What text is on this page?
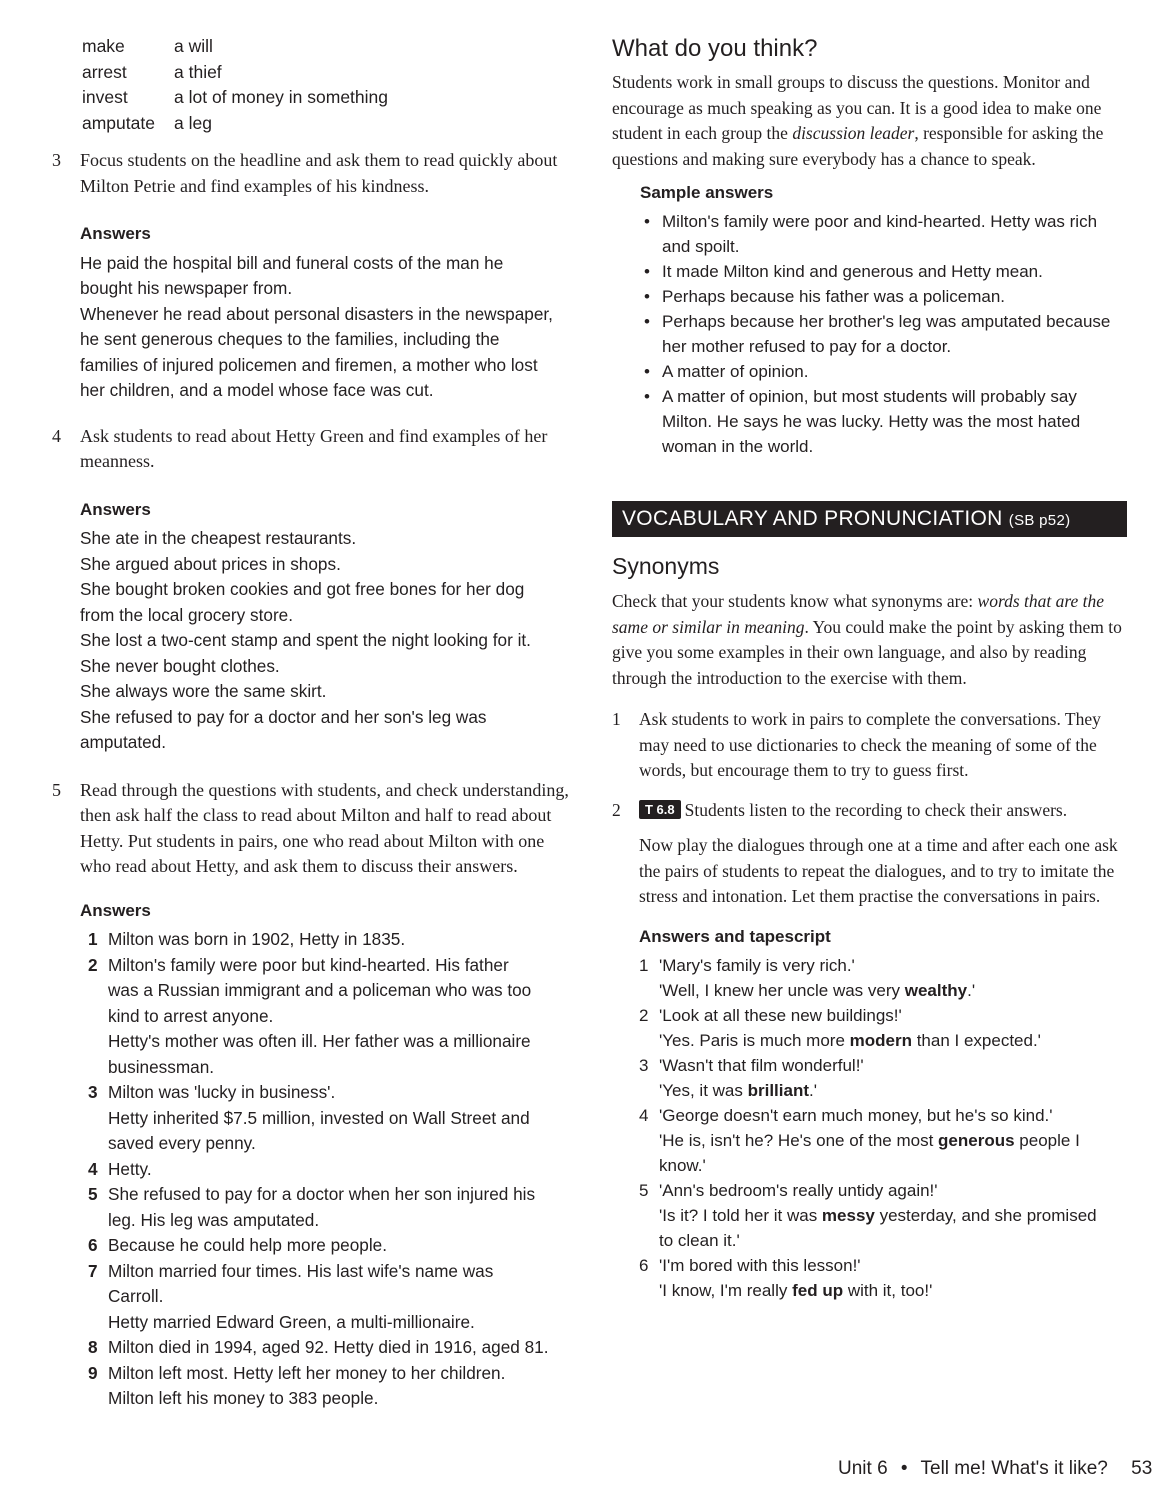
make	a will
arrest	a thief
invest	a lot of money in something
amputate	a leg
3 Focus students on the headline and ask them to read quickly about Milton Petrie and find examples of his kindness.
Answers
He paid the hospital bill and funeral costs of the man he
bought his newspaper from.
Whenever he read about personal disasters in the newspaper,
he sent generous cheques to the families, including the
families of injured policemen and firemen, a mother who lost
her children, and a model whose face was cut.
4 Ask students to read about Hetty Green and find examples of her meanness.
Answers
She ate in the cheapest restaurants.
She argued about prices in shops.
She bought broken cookies and got free bones for her dog
from the local grocery store.
She lost a two-cent stamp and spent the night looking for it.
She never bought clothes.
She always wore the same skirt.
She refused to pay for a doctor and her son's leg was
amputated.
5 Read through the questions with students, and check understanding, then ask half the class to read about Milton and half to read about Hetty. Put students in pairs, one who read about Milton with one who read about Hetty, and ask them to discuss their answers.
Answers
1 Milton was born in 1902, Hetty in 1835.
2 Milton's family were poor but kind-hearted. His father
was a Russian immigrant and a policeman who was too
kind to arrest anyone.
Hetty's mother was often ill. Her father was a millionaire
businessman.
3 Milton was 'lucky in business'.
Hetty inherited $7.5 million, invested on Wall Street and
saved every penny.
4 Hetty.
5 She refused to pay for a doctor when her son injured his
leg. His leg was amputated.
6 Because he could help more people.
7 Milton married four times. His last wife's name was
Carroll.
Hetty married Edward Green, a multi-millionaire.
8 Milton died in 1994, aged 92. Hetty died in 1916, aged 81.
9 Milton left most. Hetty left her money to her children.
Milton left his money to 383 people.
What do you think?
Students work in small groups to discuss the questions. Monitor and encourage as much speaking as you can. It is a good idea to make one student in each group the discussion leader, responsible for asking the questions and making sure everybody has a chance to speak.
Sample answers
• Milton's family were poor and kind-hearted. Hetty was rich
and spoilt.
• It made Milton kind and generous and Hetty mean.
• Perhaps because his father was a policeman.
• Perhaps because her brother's leg was amputated because
her mother refused to pay for a doctor.
• A matter of opinion.
• A matter of opinion, but most students will probably say
Milton. He says he was lucky. Hetty was the most hated
woman in the world.
VOCABULARY AND PRONUNCIATION (SB p52)
Synonyms
Check that your students know what synonyms are: words that are the same or similar in meaning. You could make the point by asking them to give you some examples in their own language, and also by reading through the introduction to the exercise with them.
1 Ask students to work in pairs to complete the conversations. They may need to use dictionaries to check the meaning of some of the words, but encourage them to try to guess first.
2 T 6.8 Students listen to the recording to check their answers.
Now play the dialogues through one at a time and after each one ask the pairs of students to repeat the dialogues, and to try to imitate the stress and intonation. Let them practise the conversations in pairs.
Answers and tapescript
1 'Mary's family is very rich.'
'Well, I knew her uncle was very wealthy.'
2 'Look at all these new buildings!'
'Yes. Paris is much more modern than I expected.'
3 'Wasn't that film wonderful!'
'Yes, it was brilliant.'
4 'George doesn't earn much money, but he's so kind.'
'He is, isn't he? He's one of the most generous people I
know.'
5 'Ann's bedroom's really untidy again!'
'Is it? I told her it was messy yesterday, and she promised
to clean it.'
6 'I'm bored with this lesson!'
'I know, I'm really fed up with it, too!'
Unit 6 • Tell me! What's it like? 53
